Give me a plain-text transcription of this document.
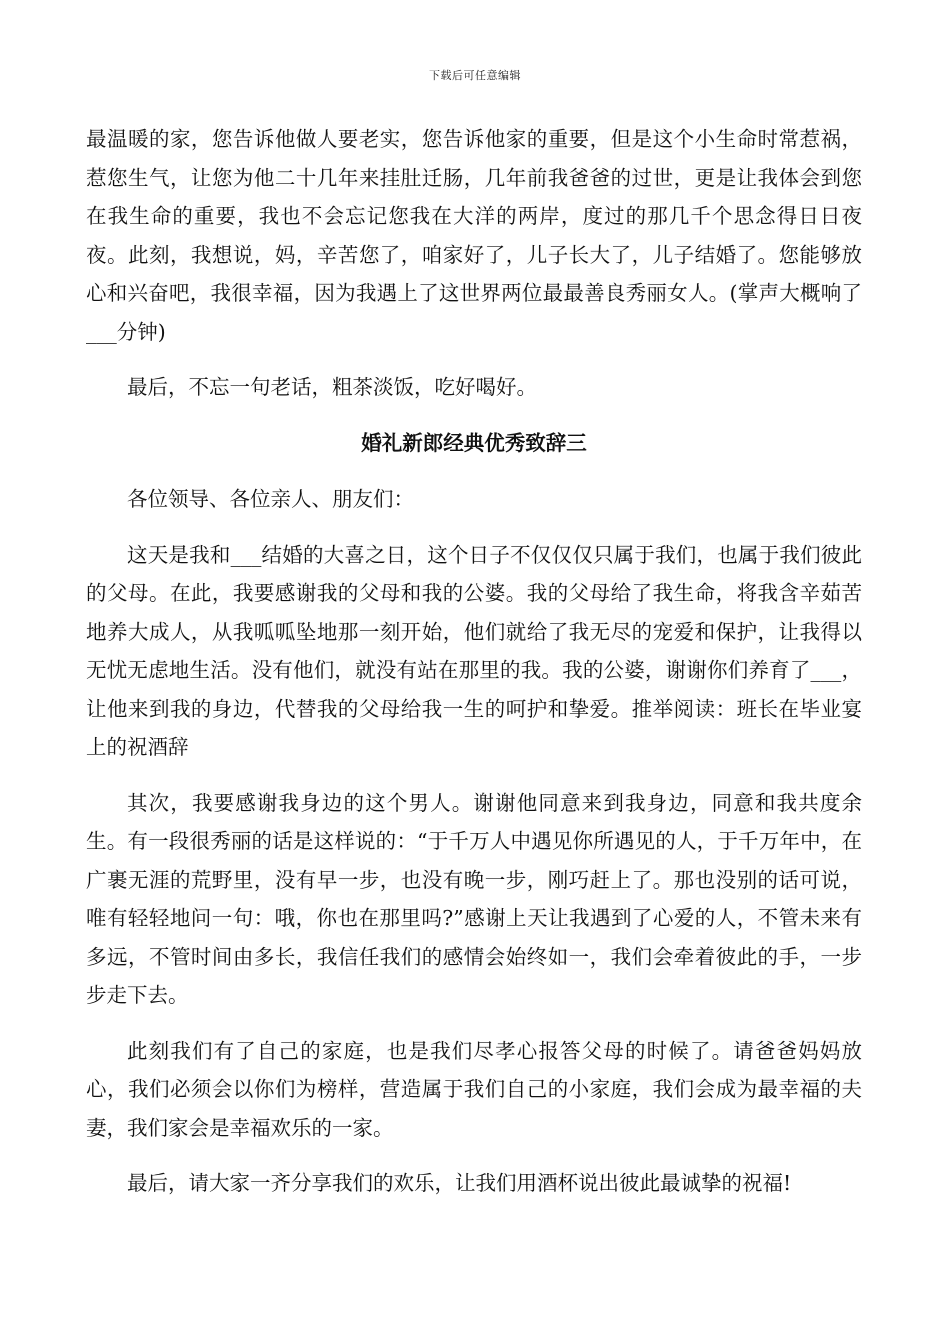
下载后可任意编辑

最温暖的家，您告诉他做人要老实，您告诉他家的重要，但是这个小生命时常惹祸，惹您生气，让您为他二十几年来挂肚迁肠，几年前我爸爸的过世，更是让我体会到您在我生命的重要，我也不会忘记您我在大洋的两岸，度过的那几千个思念得日日夜夜。此刻，我想说，妈，辛苦您了，咱家好了，儿子长大了，儿子结婚了。您能够放心和兴奋吧，我很幸福，因为我遇上了这世界两位最最善良秀丽女人。(掌声大概响了___分钟)

最后，不忘一句老话，粗茶淡饭，吃好喝好。

婚礼新郎经典优秀致辞三

各位领导、各位亲人、朋友们：

这天是我和___结婚的大喜之日，这个日子不仅仅仅只属于我们，也属于我们彼此的父母。在此，我要感谢我的父母和我的公婆。我的父母给了我生命，将我含辛茹苦地养大成人，从我呱呱坠地那一刻开始，他们就给了我无尽的宠爱和保护，让我得以无忧无虑地生活。没有他们，就没有站在那里的我。我的公婆，谢谢你们养育了___，让他来到我的身边，代替我的父母给我一生的呵护和挚爱。推举阅读：班长在毕业宴上的祝酒辞

其次，我要感谢我身边的这个男人。谢谢他同意来到我身边，同意和我共度余生。有一段很秀丽的话是这样说的：“于千万人中遇见你所遇见的人，于千万年中，在广裹无涯的荒野里，没有早一步，也没有晚一步，刚巧赶上了。那也没别的话可说，唯有轻轻地问一句：哦，你也在那里吗?”感谢上天让我遇到了心爱的人，不管未来有多远，不管时间由多长，我信任我们的感情会始终如一，我们会牵着彼此的手，一步步走下去。

此刻我们有了自己的家庭，也是我们尽孝心报答父母的时候了。请爸爸妈妈放心，我们必须会以你们为榜样，营造属于我们自己的小家庭，我们会成为最幸福的夫妻，我们家会是幸福欢乐的一家。

最后，请大家一齐分享我们的欢乐，让我们用酒杯说出彼此最诚挚的祝福!
